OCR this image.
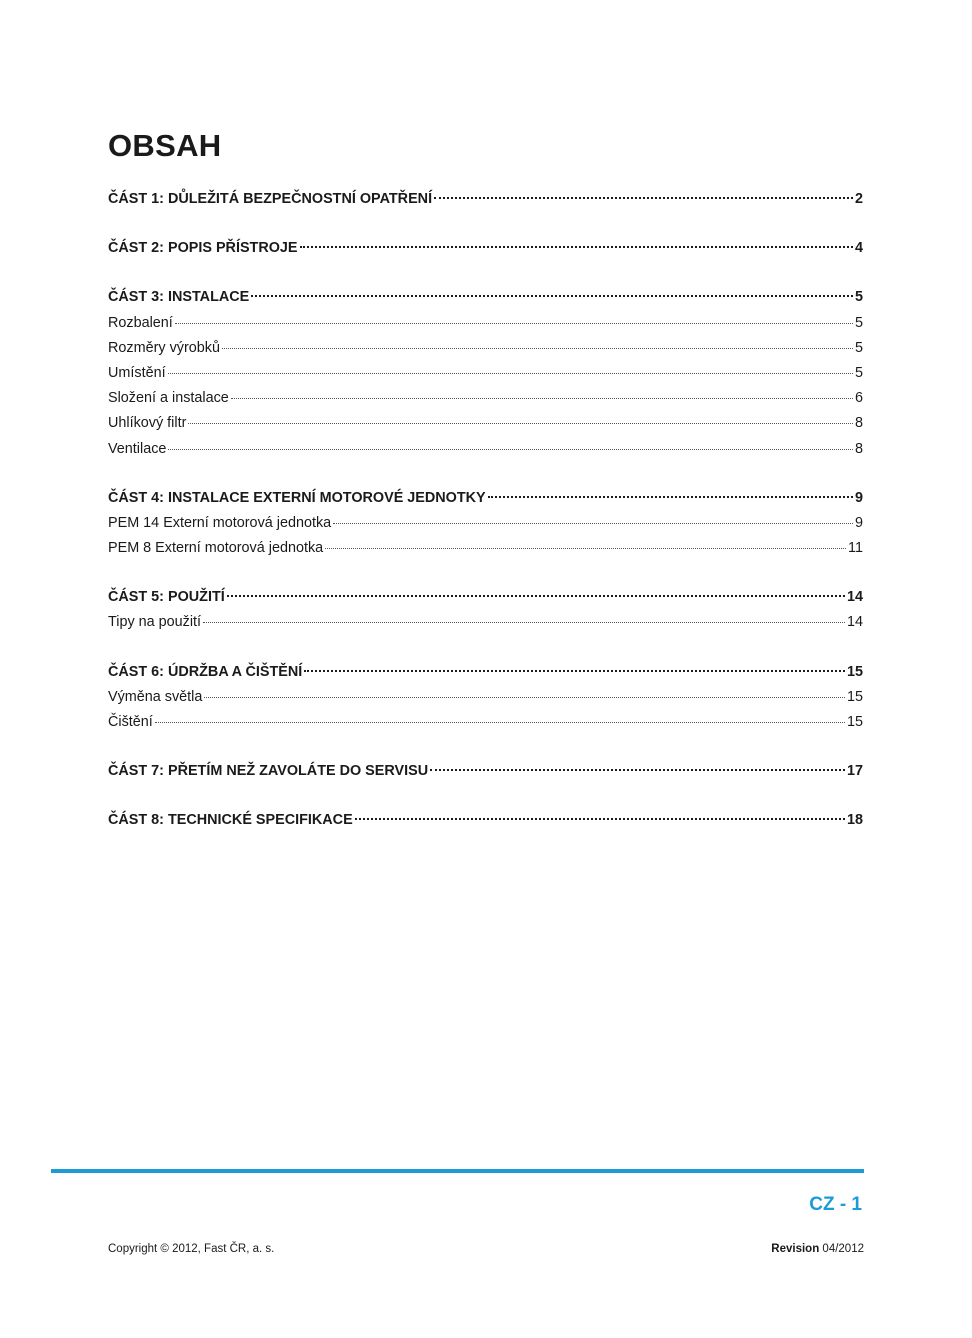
OBSAH
ČÁST 1: DŮLEŽITÁ BEZPEČNOSTNÍ OPATŘENÍ	2
ČÁST 2: POPIS PŘÍSTROJE	4
ČÁST 3: INSTALACE	5
Rozbalení	5
Rozměry výrobků	5
Umístění	5
Složení a instalace	6
Uhlíkový filtr	8
Ventilace	8
ČÁST 4: INSTALACE EXTERNÍ MOTOROVÉ JEDNOTKY	9
PEM 14 Externí motorová jednotka	9
PEM 8 Externí motorová jednotka	11
ČÁST 5: POUŽITÍ	14
Tipy na použití	14
ČÁST 6: ÚDRŽBA A ČIŠTĚNÍ	15
Výměna světla	15
Čištění	15
ČÁST 7: PŘETÍM NEŽ ZAVOLÁTE DO SERVISU	17
ČÁST 8: TECHNICKÉ SPECIFIKACE	18
CZ - 1
Copyright © 2012, Fast ČR, a. s.	Revision 04/2012
